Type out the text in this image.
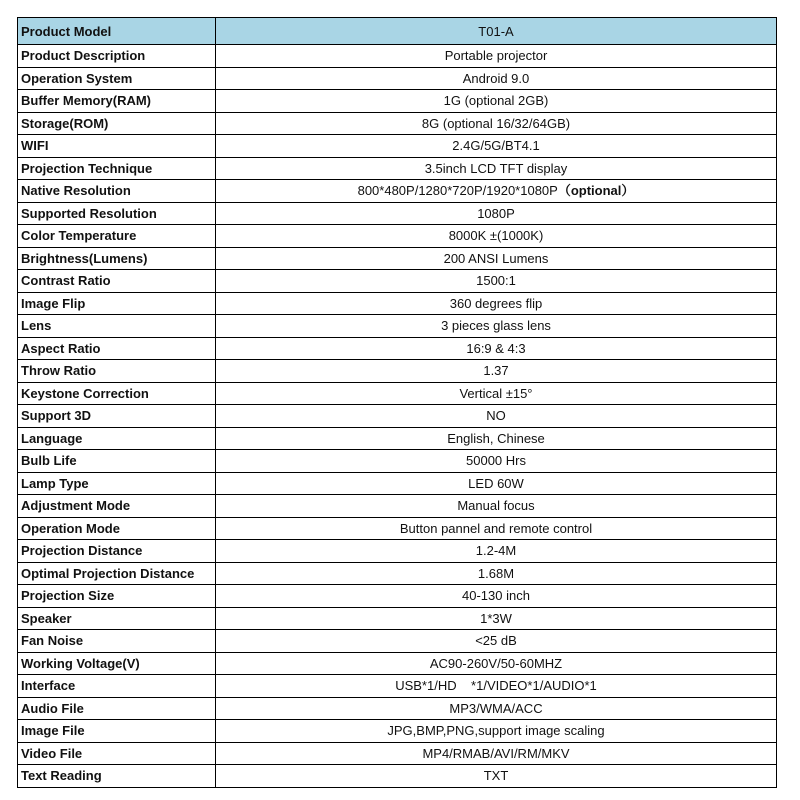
Product Model	T01-A
Product Description	Portable projector
Operation System	Android 9.0
Buffer Memory(RAM)	1G (optional 2GB)
Storage(ROM)	8G (optional 16/32/64GB)
WIFI	2.4G/5G/BT4.1
Projection Technique	3.5inch LCD TFT display
Native Resolution	800*480P/1280*720P/1920*1080P（optional）
Supported Resolution	1080P
Color Temperature	8000K ±(1000K)
Brightness(Lumens)	200 ANSI Lumens
Contrast Ratio	1500:1
Image Flip	360 degrees flip
Lens	3 pieces glass lens
Aspect Ratio	16:9 & 4:3
Throw Ratio	1.37
Keystone Correction	Vertical ±15°
Support 3D	NO
Language	English, Chinese
Bulb Life	50000 Hrs
Lamp Type	LED 60W
Adjustment Mode	Manual focus
Operation Mode	Button pannel and remote control
Projection Distance	1.2-4M
Optimal Projection Distance	1.68M
Projection Size	40-130 inch
Speaker	1*3W
Fan Noise	<25 dB
Working Voltage(V)	AC90-260V/50-60MHZ
Interface	USB*1/HD    *1/VIDEO*1/AUDIO*1
Audio File	MP3/WMA/ACC
Image File	JPG,BMP,PNG,support image scaling
Video File	MP4/RMAB/AVI/RM/MKV
Text Reading	TXT
